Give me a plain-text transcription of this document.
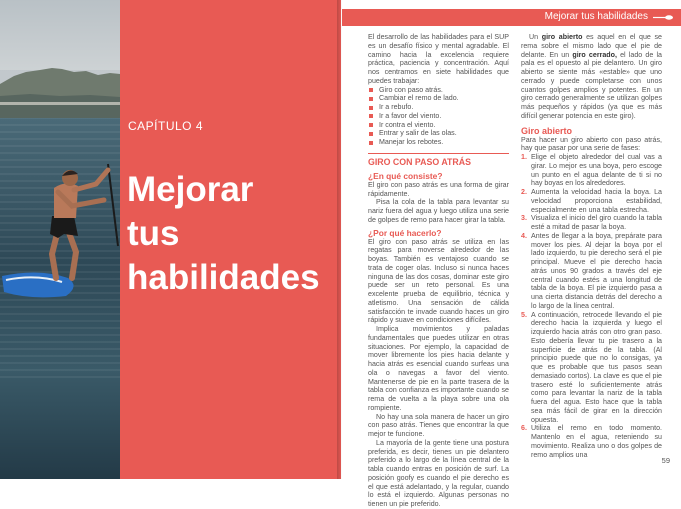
CAPÍTULO 4
Mejorar
tus
habilidades
Mejorar tus habilidades

El desarrollo de las habilidades para el SUP es un desafío físico y mental agradable. El camino hacia la excelencia requiere práctica, paciencia y concentración. Aquí nos centramos en siete habilidades que puedes trabajar:

Giro con paso atrás.
Cambiar el remo de lado.
Ir a rebufo.
Ir a favor del viento.
Ir contra el viento.
Entrar y salir de las olas.
Manejar los rebotes.
GIRO CON PASO ATRÁS
¿En qué consiste?

El giro con paso atrás es una forma de girar rápidamente.

Pisa la cola de la tabla para levantar su nariz fuera del agua y luego utiliza una serie de golpes de remo para hacer girar la tabla.

¿Por qué hacerlo?

El giro con paso atrás se utiliza en las regatas para moverse alrededor de las boyas. También es ventajoso cuando se trata de coger olas. Incluso si nunca haces ninguna de las dos cosas, dominar este giro puede ser un reto personal. Es una excelente prueba de equilibrio, técnica y atletismo. Una sensación de cálida satisfacción te invade cuando haces un giro rápido y suave en condiciones difíciles.

Implica movimientos y paladas fundamentales que puedes utilizar en otras situaciones. Por ejemplo, la capacidad de mover libremente los pies hacia delante y hacia atrás es esencial cuando surfeas una ola o navegas a favor del viento. Mantenerse de pie en la parte trasera de la tabla con confianza es importante cuando se rema de vuelta a la playa sobre una ola rompiente.

No hay una sola manera de hacer un giro con paso atrás. Tienes que encontrar la que mejor te funcione.

La mayoría de la gente tiene una postura preferida, es decir, tienes un pie delantero preferido a lo largo de la línea central de la tabla cuando entras en posición de surf. La posición goofy es cuando el pie derecho es el que está adelantado, y la regular, cuando lo está el izquierdo. Algunas personas no tienen un pie preferido.

Un giro abierto es aquel en el que se rema sobre el mismo lado que el pie de delante. En un giro cerrado, el lado de la pala es el opuesto al pie delantero. Un giro abierto se siente más «estable» que uno cerrado y puede completarse con unos cuantos golpes amplios y potentes. En un giro cerrado generalmente se utilizan golpes más pequeños y rápidos (ya que es más difícil generar potencia en este giro).

Giro abierto

Para hacer un giro abierto con paso atrás, hay que pasar por una serie de fases:

1. Elige el objeto alrededor del cual vas a girar. Lo mejor es una boya, pero escoge un punto en el agua delante de ti si no hay boyas en los alrededores.
2. Aumenta la velocidad hacia la boya. La velocidad proporciona estabilidad, especialmente en una tabla estrecha.
3. Visualiza el inicio del giro cuando la tabla esté a mitad de pasar la boya.
4. Antes de llegar a la boya, prepárate para mover los pies. Al dejar la boya por el lado izquierdo, tu pie derecho será el pie principal. Mueve el pie derecho hacia atrás unos 90 grados a través del eje central cuando estés a una longitud de tabla de la boya. El pie izquierdo pasa a una cierta distancia detrás del derecho a lo largo de la línea central.
5. A continuación, retrocede llevando el pie derecho hacia la izquierda y luego el izquierdo hacia atrás con otro gran paso. Esto debería llevar tu pie trasero a la superficie de atrás de la tabla. (Al principio puede que no lo consigas, ya que es probable que tus pasos sean demasiado cortos). La clave es que el pie trasero esté lo suficientemente atrás como para levantar la nariz de la tabla fuera del agua. Esto hace que la tabla sea más fácil de girar en la dirección opuesta.
6. Utiliza el remo en todo momento. Mantenlo en el agua, reteniendo su movimiento. Realiza uno o dos golpes de remo amplios una
59
